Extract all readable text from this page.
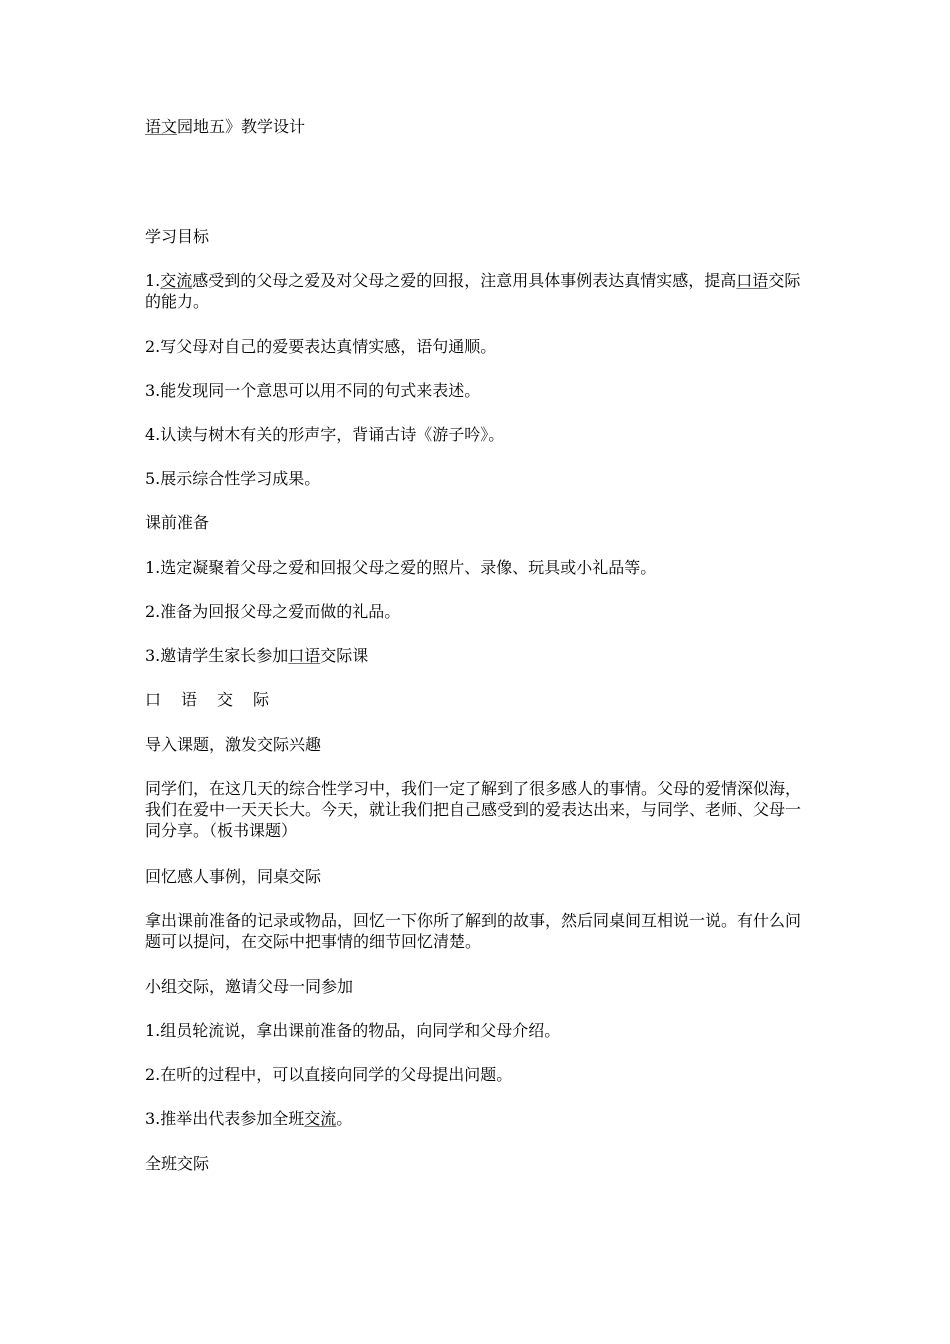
语文园地五》教学设计

学习目标

1.交流感受到的父母之爱及对父母之爱的回报，注意用具体事例表达真情实感，提高口语交际的能力。

2.写父母对自己的爱要表达真情实感，语句通顺。

3.能发现同一个意思可以用不同的句式来表述。

4.认读与树木有关的形声字，背诵古诗《游子吟》。

5.展示综合性学习成果。

课前准备

1.选定凝聚着父母之爱和回报父母之爱的照片、录像、玩具或小礼品等。

2.准备为回报父母之爱而做的礼品。

3.邀请学生家长参加口语交际课

口语交际

导入课题，激发交际兴趣

同学们，在这几天的综合性学习中，我们一定了解到了很多感人的事情。父母的爱情深似海，我们在爱中一天天长大。今天，就让我们把自己感受到的爱表达出来，与同学、老师、父母一同分享。（板书课题）

回忆感人事例，同桌交际

拿出课前准备的记录或物品，回忆一下你所了解到的故事，然后同桌间互相说一说。有什么问题可以提问，在交际中把事情的细节回忆清楚。

小组交际，邀请父母一同参加

1.组员轮流说，拿出课前准备的物品，向同学和父母介绍。

2.在听的过程中，可以直接向同学的父母提出问题。

3.推举出代表参加全班交流。

全班交际
